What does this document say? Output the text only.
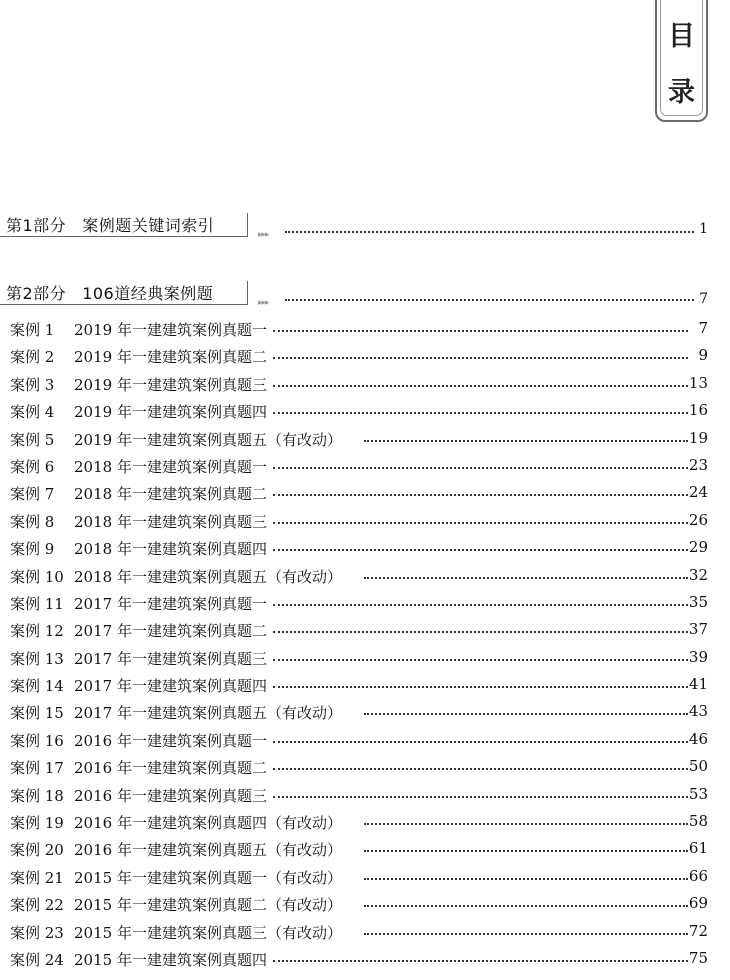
目
录
第1部分 案例题关键词索引	▸▸▸	1
第2部分 106道经典案例题	▸▸▸	7
案例 1 2019 年一建建筑案例真题一	7
案例 2 2019 年一建建筑案例真题二	9
案例 3 2019 年一建建筑案例真题三	13
案例 4 2019 年一建建筑案例真题四	16
案例 5 2019 年一建建筑案例真题五（有改动）	19
案例 6 2018 年一建建筑案例真题一	23
案例 7 2018 年一建建筑案例真题二	24
案例 8 2018 年一建建筑案例真题三	26
案例 9 2018 年一建建筑案例真题四	29
案例 10 2018 年一建建筑案例真题五（有改动）	32
案例 11 2017 年一建建筑案例真题一	35
案例 12 2017 年一建建筑案例真题二	37
案例 13 2017 年一建建筑案例真题三	39
案例 14 2017 年一建建筑案例真题四	41
案例 15 2017 年一建建筑案例真题五（有改动）	43
案例 16 2016 年一建建筑案例真题一	46
案例 17 2016 年一建建筑案例真题二	50
案例 18 2016 年一建建筑案例真题三	53
案例 19 2016 年一建建筑案例真题四（有改动）	58
案例 20 2016 年一建建筑案例真题五（有改动）	61
案例 21 2015 年一建建筑案例真题一（有改动）	66
案例 22 2015 年一建建筑案例真题二（有改动）	69
案例 23 2015 年一建建筑案例真题三（有改动）	72
案例 24 2015 年一建建筑案例真题四	75
